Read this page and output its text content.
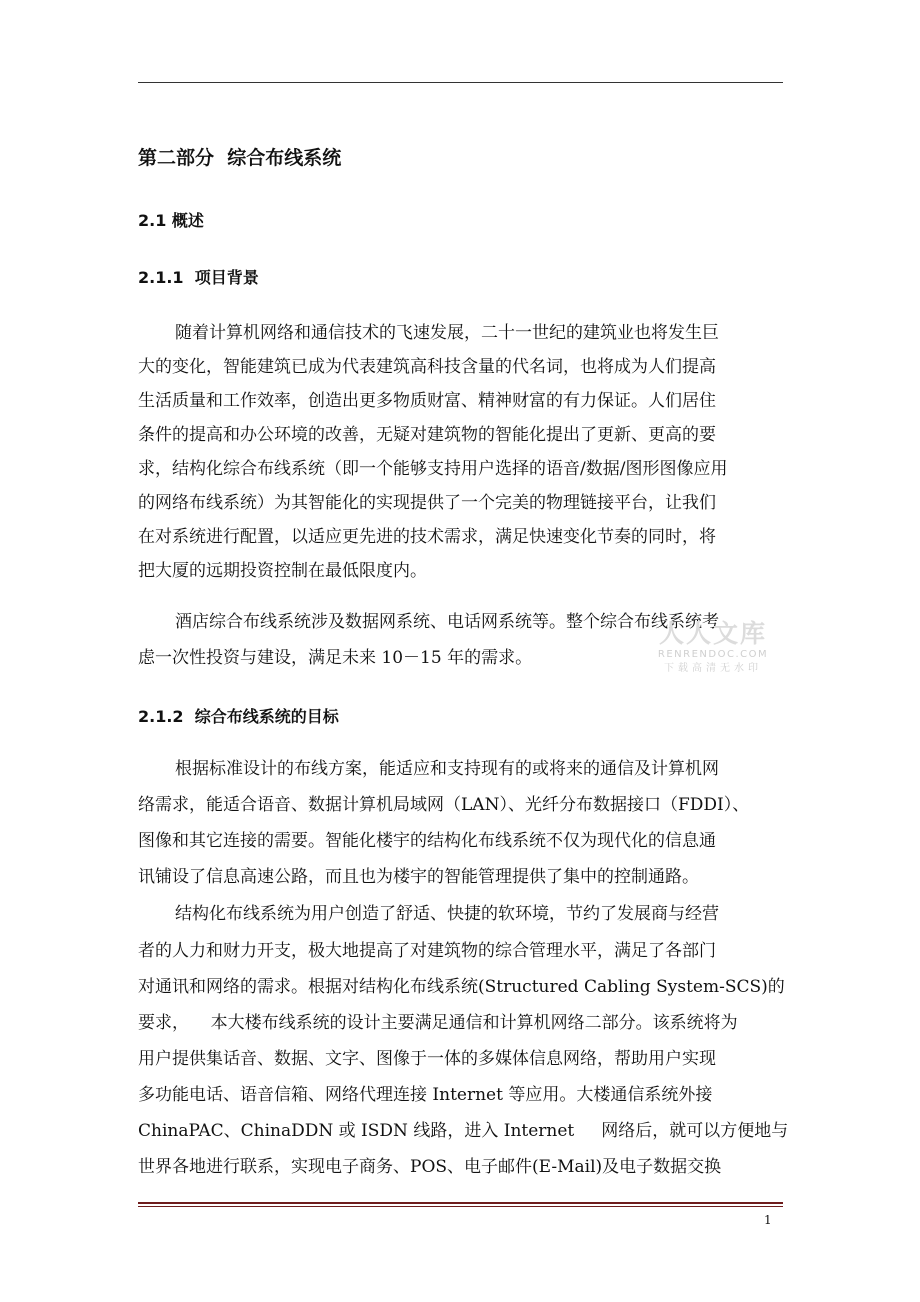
第二部分  综合布线系统
2.1 概述
2.1.1  项目背景
随着计算机网络和通信技术的飞速发展，二十一世纪的建筑业也将发生巨
大的变化，智能建筑已成为代表建筑高科技含量的代名词，也将成为人们提高
生活质量和工作效率，创造出更多物质财富、精神财富的有力保证。人们居住
条件的提高和办公环境的改善，无疑对建筑物的智能化提出了更新、更高的要
求，结构化综合布线系统（即一个能够支持用户选择的语音/数据/图形图像应用
的网络布线系统）为其智能化的实现提供了一个完美的物理链接平台，让我们
在对系统进行配置，以适应更先进的技术需求，满足快速变化节奏的同时，将
把大厦的远期投资控制在最低限度内。
酒店综合布线系统涉及数据网系统、电话网系统等。整个综合布线系统考
虑一次性投资与建设，满足未来 10－15 年的需求。
人人文库
RENRENDOC.COM
下载高清无水印
2.1.2  综合布线系统的目标
根据标准设计的布线方案，能适应和支持现有的或将来的通信及计算机网
络需求，能适合语音、数据计算机局域网（LAN）、光纤分布数据接口（FDDI）、
图像和其它连接的需要。智能化楼宇的结构化布线系统不仅为现代化的信息通
讯铺设了信息高速公路，而且也为楼宇的智能管理提供了集中的控制通路。
结构化布线系统为用户创造了舒适、快捷的软环境，节约了发展商与经营
者的人力和财力开支，极大地提高了对建筑物的综合管理水平，满足了各部门
对通讯和网络的需求。根据对结构化布线系统(Structured Cabling System-SCS)的
要求，    本大楼布线系统的设计主要满足通信和计算机网络二部分。该系统将为
用户提供集话音、数据、文字、图像于一体的多媒体信息网络，帮助用户实现
多功能电话、语音信箱、网络代理连接 Internet 等应用。大楼通信系统外接
ChinaPAC、ChinaDDN 或 ISDN 线路，进入 Internet     网络后，就可以方便地与
世界各地进行联系，实现电子商务、POS、电子邮件(E-Mail)及电子数据交换
1
